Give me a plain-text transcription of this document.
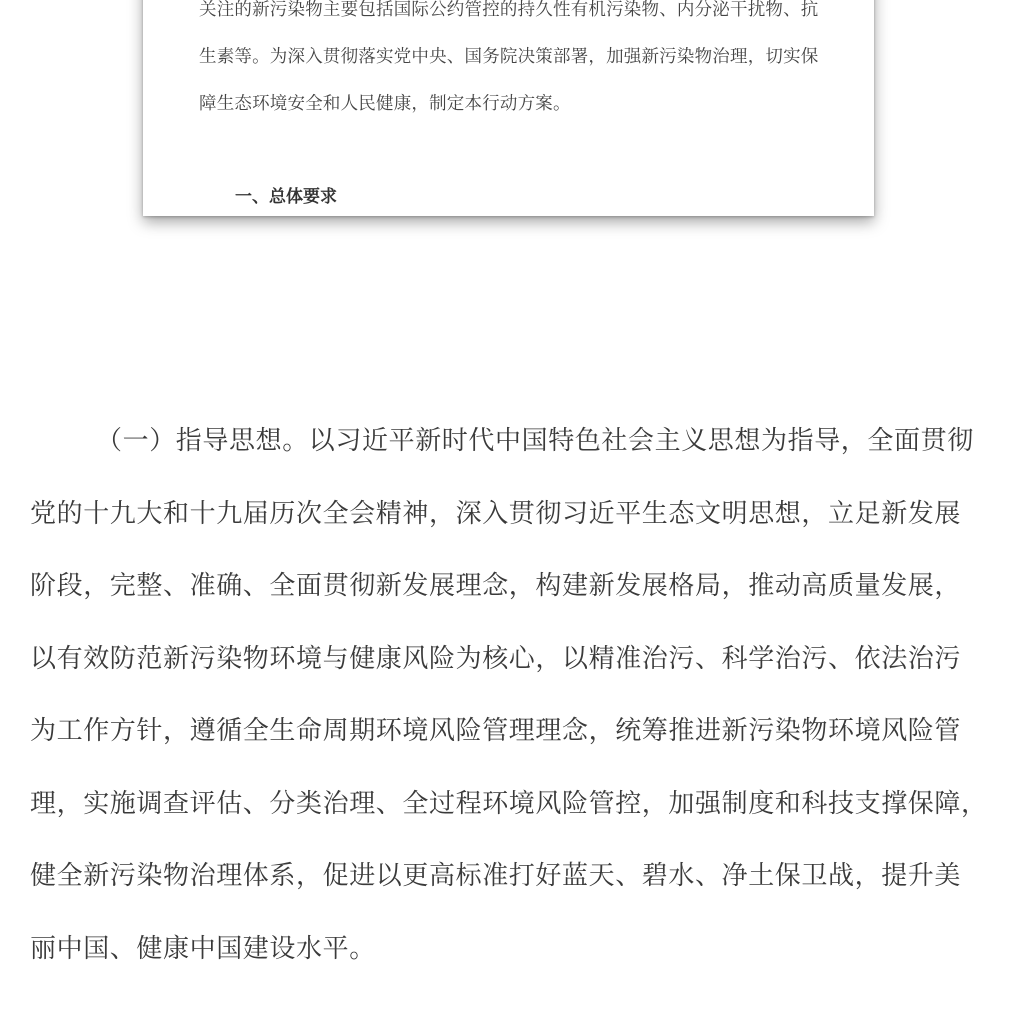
关注的新污染物主要包括国际公约管控的持久性有机污染物、内分泌干扰物、抗
生素等。为深入贯彻落实党中央、国务院决策部署，加强新污染物治理，切实保
障生态环境安全和人民健康，制定本行动方案。
一、总体要求
（一）指导思想。以习近平新时代中国特色社会主义思想为指导，全面贯彻
党的十九大和十九届历次全会精神，深入贯彻习近平生态文明思想，立足新发展
阶段，完整、准确、全面贯彻新发展理念，构建新发展格局，推动高质量发展，
以有效防范新污染物环境与健康风险为核心，以精准治污、科学治污、依法治污
为工作方针，遵循全生命周期环境风险管理理念，统筹推进新污染物环境风险管
理，实施调查评估、分类治理、全过程环境风险管控，加强制度和科技支撑保障，
健全新污染物治理体系，促进以更高标准打好蓝天、碧水、净土保卫战，提升美
丽中国、健康中国建设水平。
